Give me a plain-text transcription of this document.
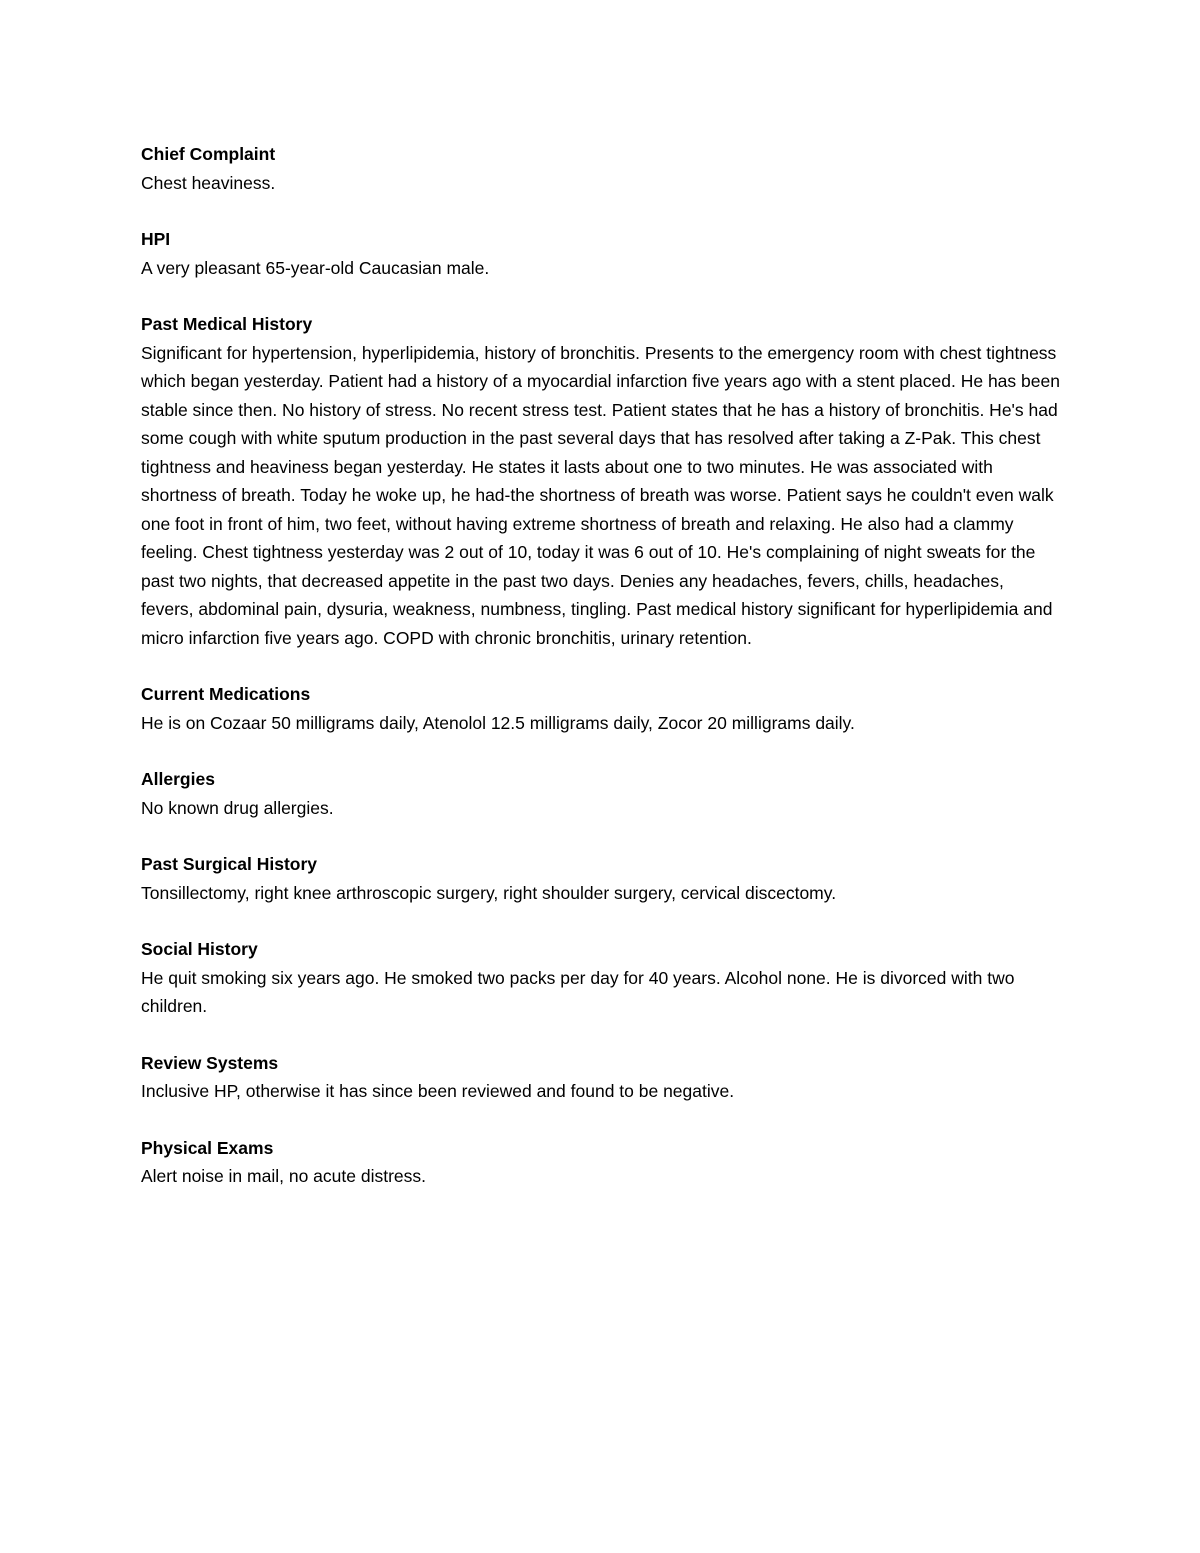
Chief Complaint

Chest heaviness.

HPI

A very pleasant 65-year-old Caucasian male.

Past Medical History

Significant for hypertension, hyperlipidemia, history of bronchitis. Presents to the emergency room with chest tightness which began yesterday. Patient had a history of a myocardial infarction five years ago with a stent placed. He has been stable since then. No history of stress. No recent stress test. Patient states that he has a history of bronchitis. He's had some cough with white sputum production in the past several days that has resolved after taking a Z-Pak. This chest tightness and heaviness began yesterday. He states it lasts about one to two minutes. He was associated with shortness of breath. Today he woke up, he had-the shortness of breath was worse. Patient says he couldn't even walk one foot in front of him, two feet, without having extreme shortness of breath and relaxing. He also had a clammy feeling. Chest tightness yesterday was 2 out of 10, today it was 6 out of 10. He's complaining of night sweats for the past two nights, that decreased appetite in the past two days. Denies any headaches, fevers, chills, headaches, fevers, abdominal pain, dysuria, weakness, numbness, tingling. Past medical history significant for hyperlipidemia and micro infarction five years ago. COPD with chronic bronchitis, urinary retention.

Current Medications

He is on Cozaar 50 milligrams daily, Atenolol 12.5 milligrams daily, Zocor 20 milligrams daily.

Allergies

No known drug allergies.

Past Surgical History

Tonsillectomy, right knee arthroscopic surgery, right shoulder surgery, cervical discectomy.

Social History

He quit smoking six years ago. He smoked two packs per day for 40 years. Alcohol none. He is divorced with two children.

Review Systems

Inclusive HP, otherwise it has since been reviewed and found to be negative.

Physical Exams

Alert noise in mail, no acute distress.
